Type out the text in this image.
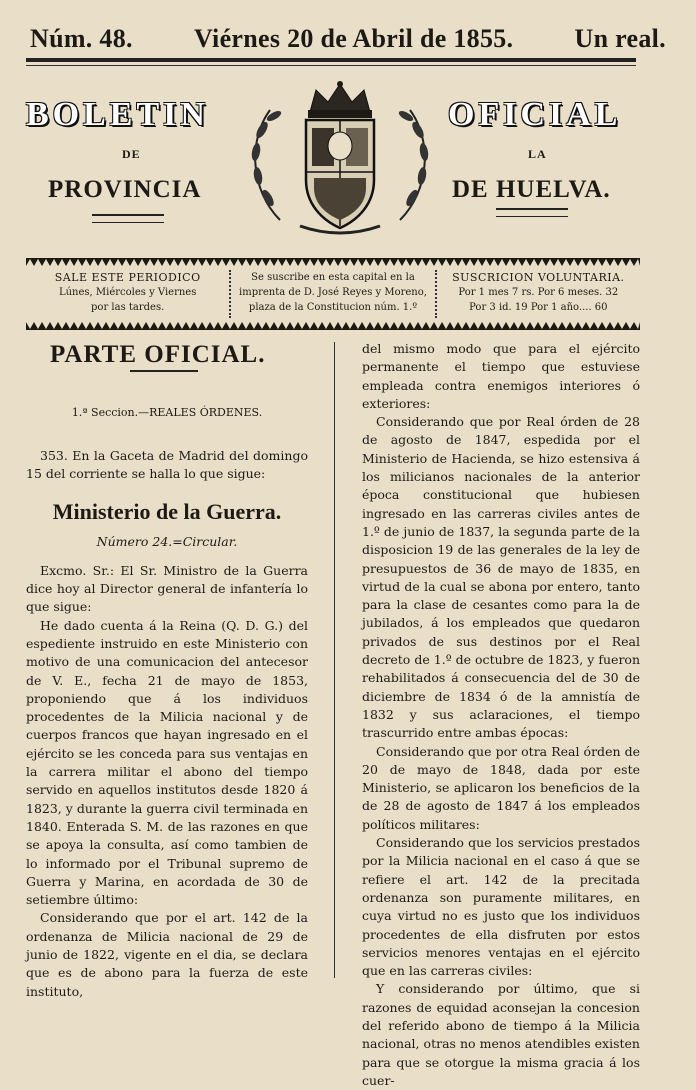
Núm. 48. Viérnes 20 de Abril de 1855. Un real.
BOLETIN	OFICIAL
DE	LA
PROVINCIA	DE HUELVA.
SALE ESTE PERIODICO
Lúnes, Miércoles y Viernes
por las tardes.
Se suscribe en esta capital en la
imprenta de D. José Reyes y Moreno,
plaza de la Constitucion núm. 1.º
SUSCRICION VOLUNTARIA.
Por 1 mes 7 rs. Por 6 meses. 32
Por 3 id. 19 Por 1 año.... 60

PARTE OFICIAL.

1.ª Seccion.—REALES ÓRDENES.

353. En la Gaceta de Madrid del domingo 15 del corriente se halla lo que sigue:

Ministerio de la Guerra.

Número 24.=Circular.

Excmo. Sr.: El Sr. Ministro de la Guerra dice hoy al Director general de infantería lo que sigue:

He dado cuenta á la Reina (Q. D. G.) del espediente instruido en este Ministerio con motivo de una comunicacion del antecesor de V. E., fecha 21 de mayo de 1853, proponiendo que á los individuos procedentes de la Milicia nacional y de cuerpos francos que hayan ingresado en el ejército se les conceda para sus ventajas en la carrera militar el abono del tiempo servido en aquellos institutos desde 1820 á 1823, y durante la guerra civil terminada en 1840. Enterada S. M. de las razones en que se apoya la consulta, así como tambien de lo informado por el Tribunal supremo de Guerra y Marina, en acordada de 30 de setiembre último:

Considerando que por el art. 142 de la ordenanza de Milicia nacional de 29 de junio de 1822, vigente en el dia, se declara que es de abono para la fuerza de este instituto,

del mismo modo que para el ejército permanente el tiempo que estuviese empleada contra enemigos interiores ó exteriores:

Considerando que por Real órden de 28 de agosto de 1847, espedida por el Ministerio de Hacienda, se hizo estensiva á los milicianos nacionales de la anterior época constitucional que hubiesen ingresado en las carreras civiles antes de 1.º de junio de 1837, la segunda parte de la disposicion 19 de las generales de la ley de presupuestos de 36 de mayo de 1835, en virtud de la cual se abona por entero, tanto para la clase de cesantes como para la de jubilados, á los empleados que quedaron privados de sus destinos por el Real decreto de 1.º de octubre de 1823, y fueron rehabilitados á consecuencia del de 30 de diciembre de 1834 ó de la amnistía de 1832 y sus aclaraciones, el tiempo trascurrido entre ambas épocas:

Considerando que por otra Real órden de 20 de mayo de 1848, dada por este Ministerio, se aplicaron los beneficios de la de 28 de agosto de 1847 á los empleados políticos militares:

Considerando que los servicios prestados por la Milicia nacional en el caso á que se refiere el art. 142 de la precitada ordenanza son puramente militares, en cuya virtud no es justo que los individuos procedentes de ella disfruten por estos servicios menores ventajas en el ejército que en las carreras civiles:

Y considerando por último, que si razones de equidad aconsejan la concesion del referido abono de tiempo á la Milicia nacional, otras no menos atendibles existen para que se otorgue la misma gracia á los cuer-
